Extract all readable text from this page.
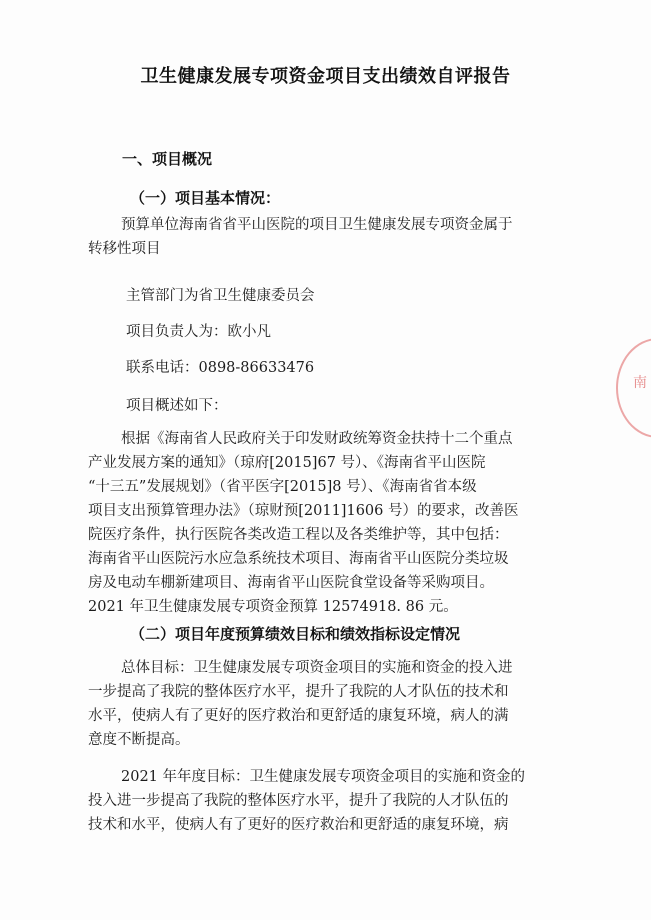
卫生健康发展专项资金项目支出绩效自评报告
一、项目概况
（一）项目基本情况：
预算单位海南省省平山医院的项目卫生健康发展专项资金属于
转移性项目
主管部门为省卫生健康委员会
项目负责人为：欧小凡
联系电话：0898-86633476
项目概述如下：
根据《海南省人民政府关于印发财政统筹资金扶持十二个重点
产业发展方案的通知》（琼府[2015]67 号）、《海南省平山医院
“十三五”发展规划》（省平医字[2015]8 号）、《海南省省本级
项目支出预算管理办法》（琼财预[2011]1606 号）的要求，改善医
院医疗条件，执行医院各类改造工程以及各类维护等，其中包括：
海南省平山医院污水应急系统技术项目、海南省平山医院分类垃圾
房及电动车棚新建项目、海南省平山医院食堂设备等采购项目。
2021 年卫生健康发展专项资金预算 12574918. 86 元。
（二）项目年度预算绩效目标和绩效指标设定情况
总体目标：卫生健康发展专项资金项目的实施和资金的投入进
一步提高了我院的整体医疗水平，提升了我院的人才队伍的技术和
水平，使病人有了更好的医疗救治和更舒适的康复环境，病人的满
意度不断提高。
2021 年年度目标：卫生健康发展专项资金项目的实施和资金的
投入进一步提高了我院的整体医疗水平，提升了我院的人才队伍的
技术和水平，使病人有了更好的医疗救治和更舒适的康复环境，病
南
